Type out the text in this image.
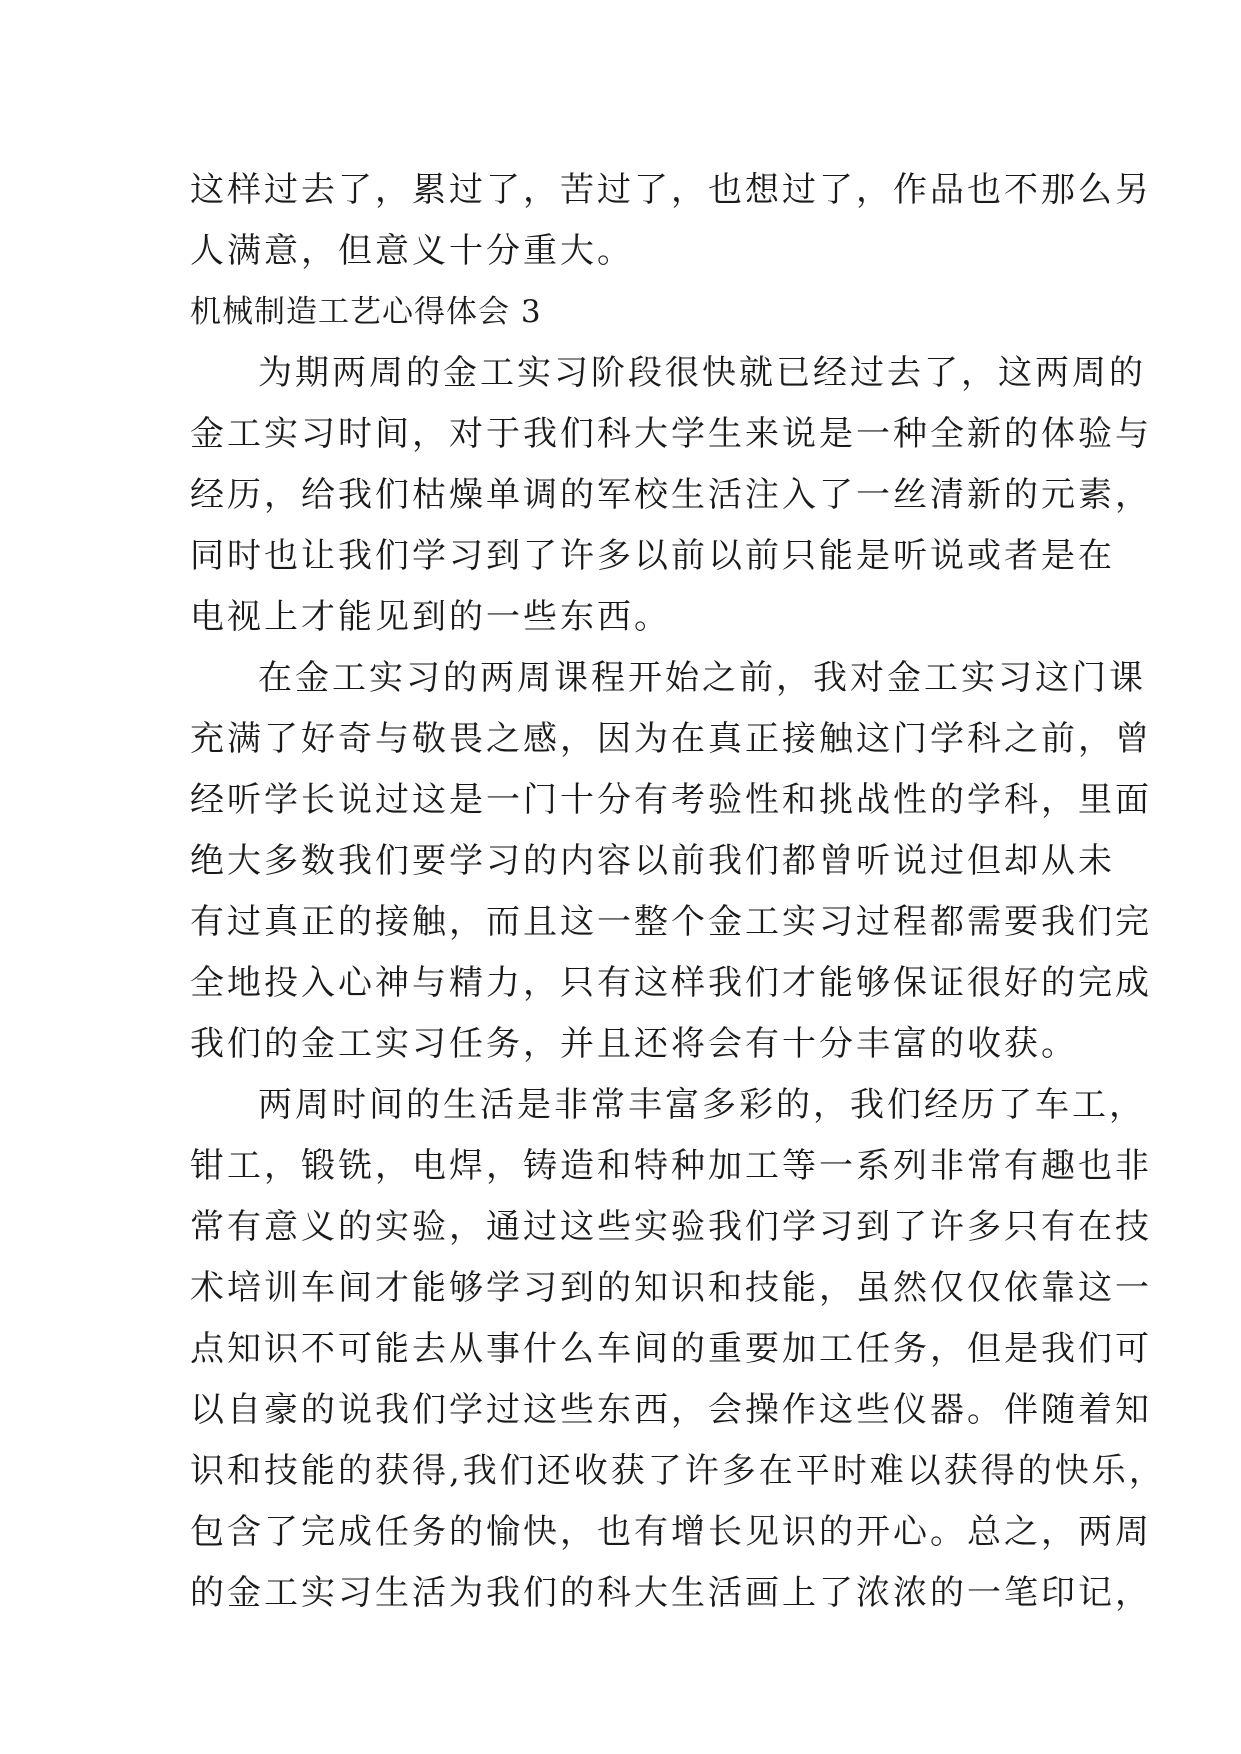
这样过去了，累过了，苦过了，也想过了，作品也不那么另
人满意，但意义十分重大。
机械制造工艺心得体会 3
为期两周的金工实习阶段很快就已经过去了，这两周的
金工实习时间，对于我们科大学生来说是一种全新的体验与
经历，给我们枯燥单调的军校生活注入了一丝清新的元素，
同时也让我们学习到了许多以前以前只能是听说或者是在
电视上才能见到的一些东西。
在金工实习的两周课程开始之前，我对金工实习这门课
充满了好奇与敬畏之感，因为在真正接触这门学科之前，曾
经听学长说过这是一门十分有考验性和挑战性的学科，里面
绝大多数我们要学习的内容以前我们都曾听说过但却从未
有过真正的接触，而且这一整个金工实习过程都需要我们完
全地投入心神与精力，只有这样我们才能够保证很好的完成
我们的金工实习任务，并且还将会有十分丰富的收获。
两周时间的生活是非常丰富多彩的，我们经历了车工，
钳工，锻铣，电焊，铸造和特种加工等一系列非常有趣也非
常有意义的实验，通过这些实验我们学习到了许多只有在技
术培训车间才能够学习到的知识和技能，虽然仅仅依靠这一
点知识不可能去从事什么车间的重要加工任务，但是我们可
以自豪的说我们学过这些东西，会操作这些仪器。伴随着知
识和技能的获得,我们还收获了许多在平时难以获得的快乐，
包含了完成任务的愉快，也有增长见识的开心。总之，两周
的金工实习生活为我们的科大生活画上了浓浓的一笔印记，
